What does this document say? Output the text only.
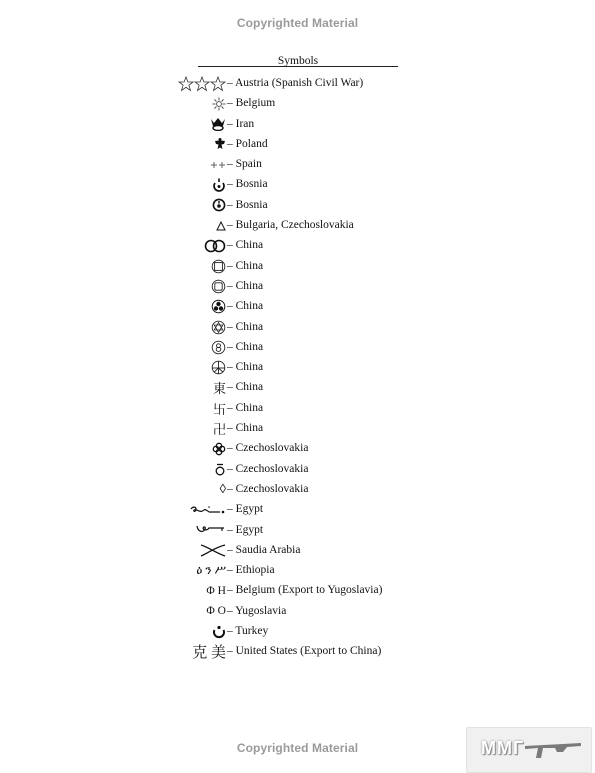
Copyrighted Material
Symbols
– Austria (Spanish Civil War)
– Belgium
– Iran
– Poland
– Spain
– Bosnia
– Bosnia
– Bulgaria, Czechoslovakia
– China
– China
– China
– China
– China
– China
– China
東 – China
卐 – China
卍 – China
– Czechoslovakia
– Czechoslovakia
◊ – Czechoslovakia
– Egypt
– Egypt
– Saudia Arabia
ዕ ን ሥ – Ethiopia
Φ H – Belgium (Export to Yugoslavia)
Φ O – Yugoslavia
– Turkey
克 美 – United States (Export to China)
Copyrighted Material	ММГ
